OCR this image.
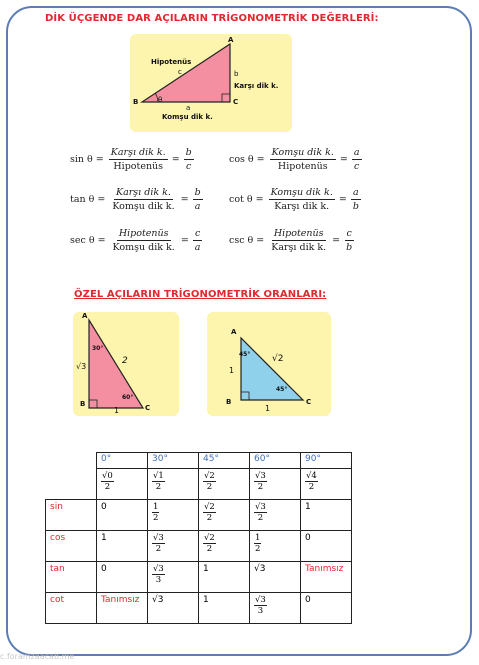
DİK ÜÇGENDE DAR AÇILARIN TRİGONOMETRİK DEĞERLERİ:
A
B	C
Hipotenüs
c	b
Karşı dik k.
θ
a
Komşu dik k.
$\sin \theta = \frac{\text{Karşı dik k.}}{\text{Hipotenüs}} = \frac{b}{c}$	$\cos \theta = \frac{\text{Komşu dik k.}}{\text{Hipotenüs}} = \frac{a}{c}$
$\tan \theta = \frac{\text{Karşı dik k.}}{\text{Komşu dik k.}} = \frac{b}{a}$	$\cot \theta = \frac{\text{Komşu dik k.}}{\text{Karşı dik k.}} = \frac{a}{b}$
$\sec \theta = \frac{\text{Hipotenüs}}{\text{Komşu dik k.}} = \frac{c}{a}$	$\csc \theta = \frac{\text{Hipotenüs}}{\text{Karşı dik k.}} = \frac{c}{b}$
ÖZEL AÇILARIN TRİGONOMETRİK ORANLARI:
A
30°
2
√3
60°
B
1	C
A
45° √2
1
45°
B
1
C
	0°	30°	45°	60°	90°

	$\frac{√0}{2}$	$\frac{√1}{2}$	$\frac{√2}{2}$	$\frac{√3}{2}$	$\frac{√4}{2}$

sin	0	$\frac{1}{2}$	$\frac{√2}{2}$	$\frac{√3}{2}$	1
cos	1	$\frac{√3}{2}$	$\frac{√2}{2}$	$\frac{1}{2}$	0
tan	0	$\frac{√3}{3}$	1	√3	Tanımsız
cot	Tanımsız	√3	1	$\frac{√3}{3}$	0
c.foramzaacab.me
